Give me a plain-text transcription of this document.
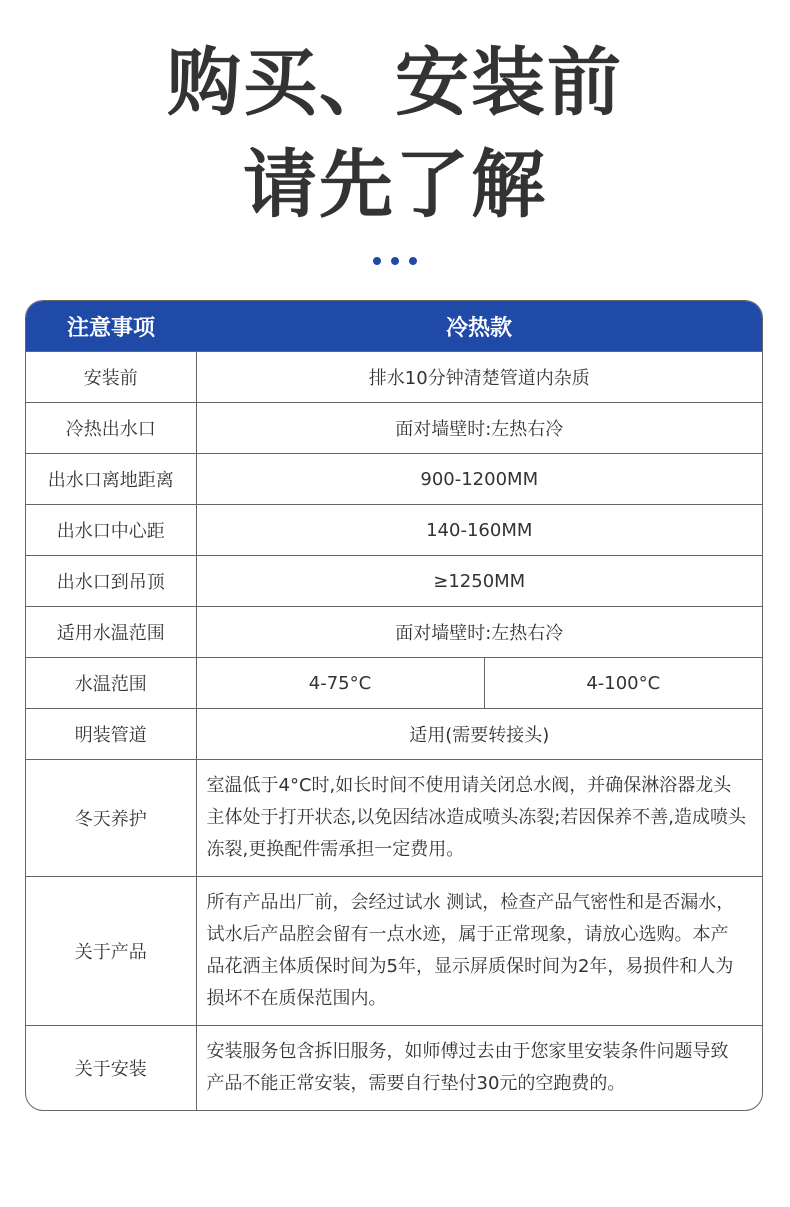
购买、安装前
请先了解
注意事项	冷热款	
安装前	排水10分钟清楚管道内杂质	
冷热出水口	面对墙壁时:左热右冷	
出水口离地距离	900-1200MM	
出水口中心距	140-160MM	
出水口到吊顶	≥1250MM	
适用水温范围	面对墙壁时:左热右冷	
水温范围	4-75°C	4-100°C
明装管道	适用(需要转接头)	
冬天养护	室温低于4°C时,如长时间不使用请关闭总水阀，并确保淋浴器龙头主体处于打开状态,以免因结冰造成喷头冻裂;若因保养不善,造成喷头冻裂,更换配件需承担一定费用。	
关于产品	所有产品出厂前，会经过试水 测试，检查产品气密性和是否漏水，试水后产品腔会留有一点水迹，属于正常现象，请放心选购。本产品花洒主体质保时间为5年，显示屏质保时间为2年，易损件和人为损坏不在质保范围内。	
关于安装	安装服务包含拆旧服务，如师傅过去由于您家里安装条件问题导致产品不能正常安装，需要自行垫付30元的空跑费的。	
